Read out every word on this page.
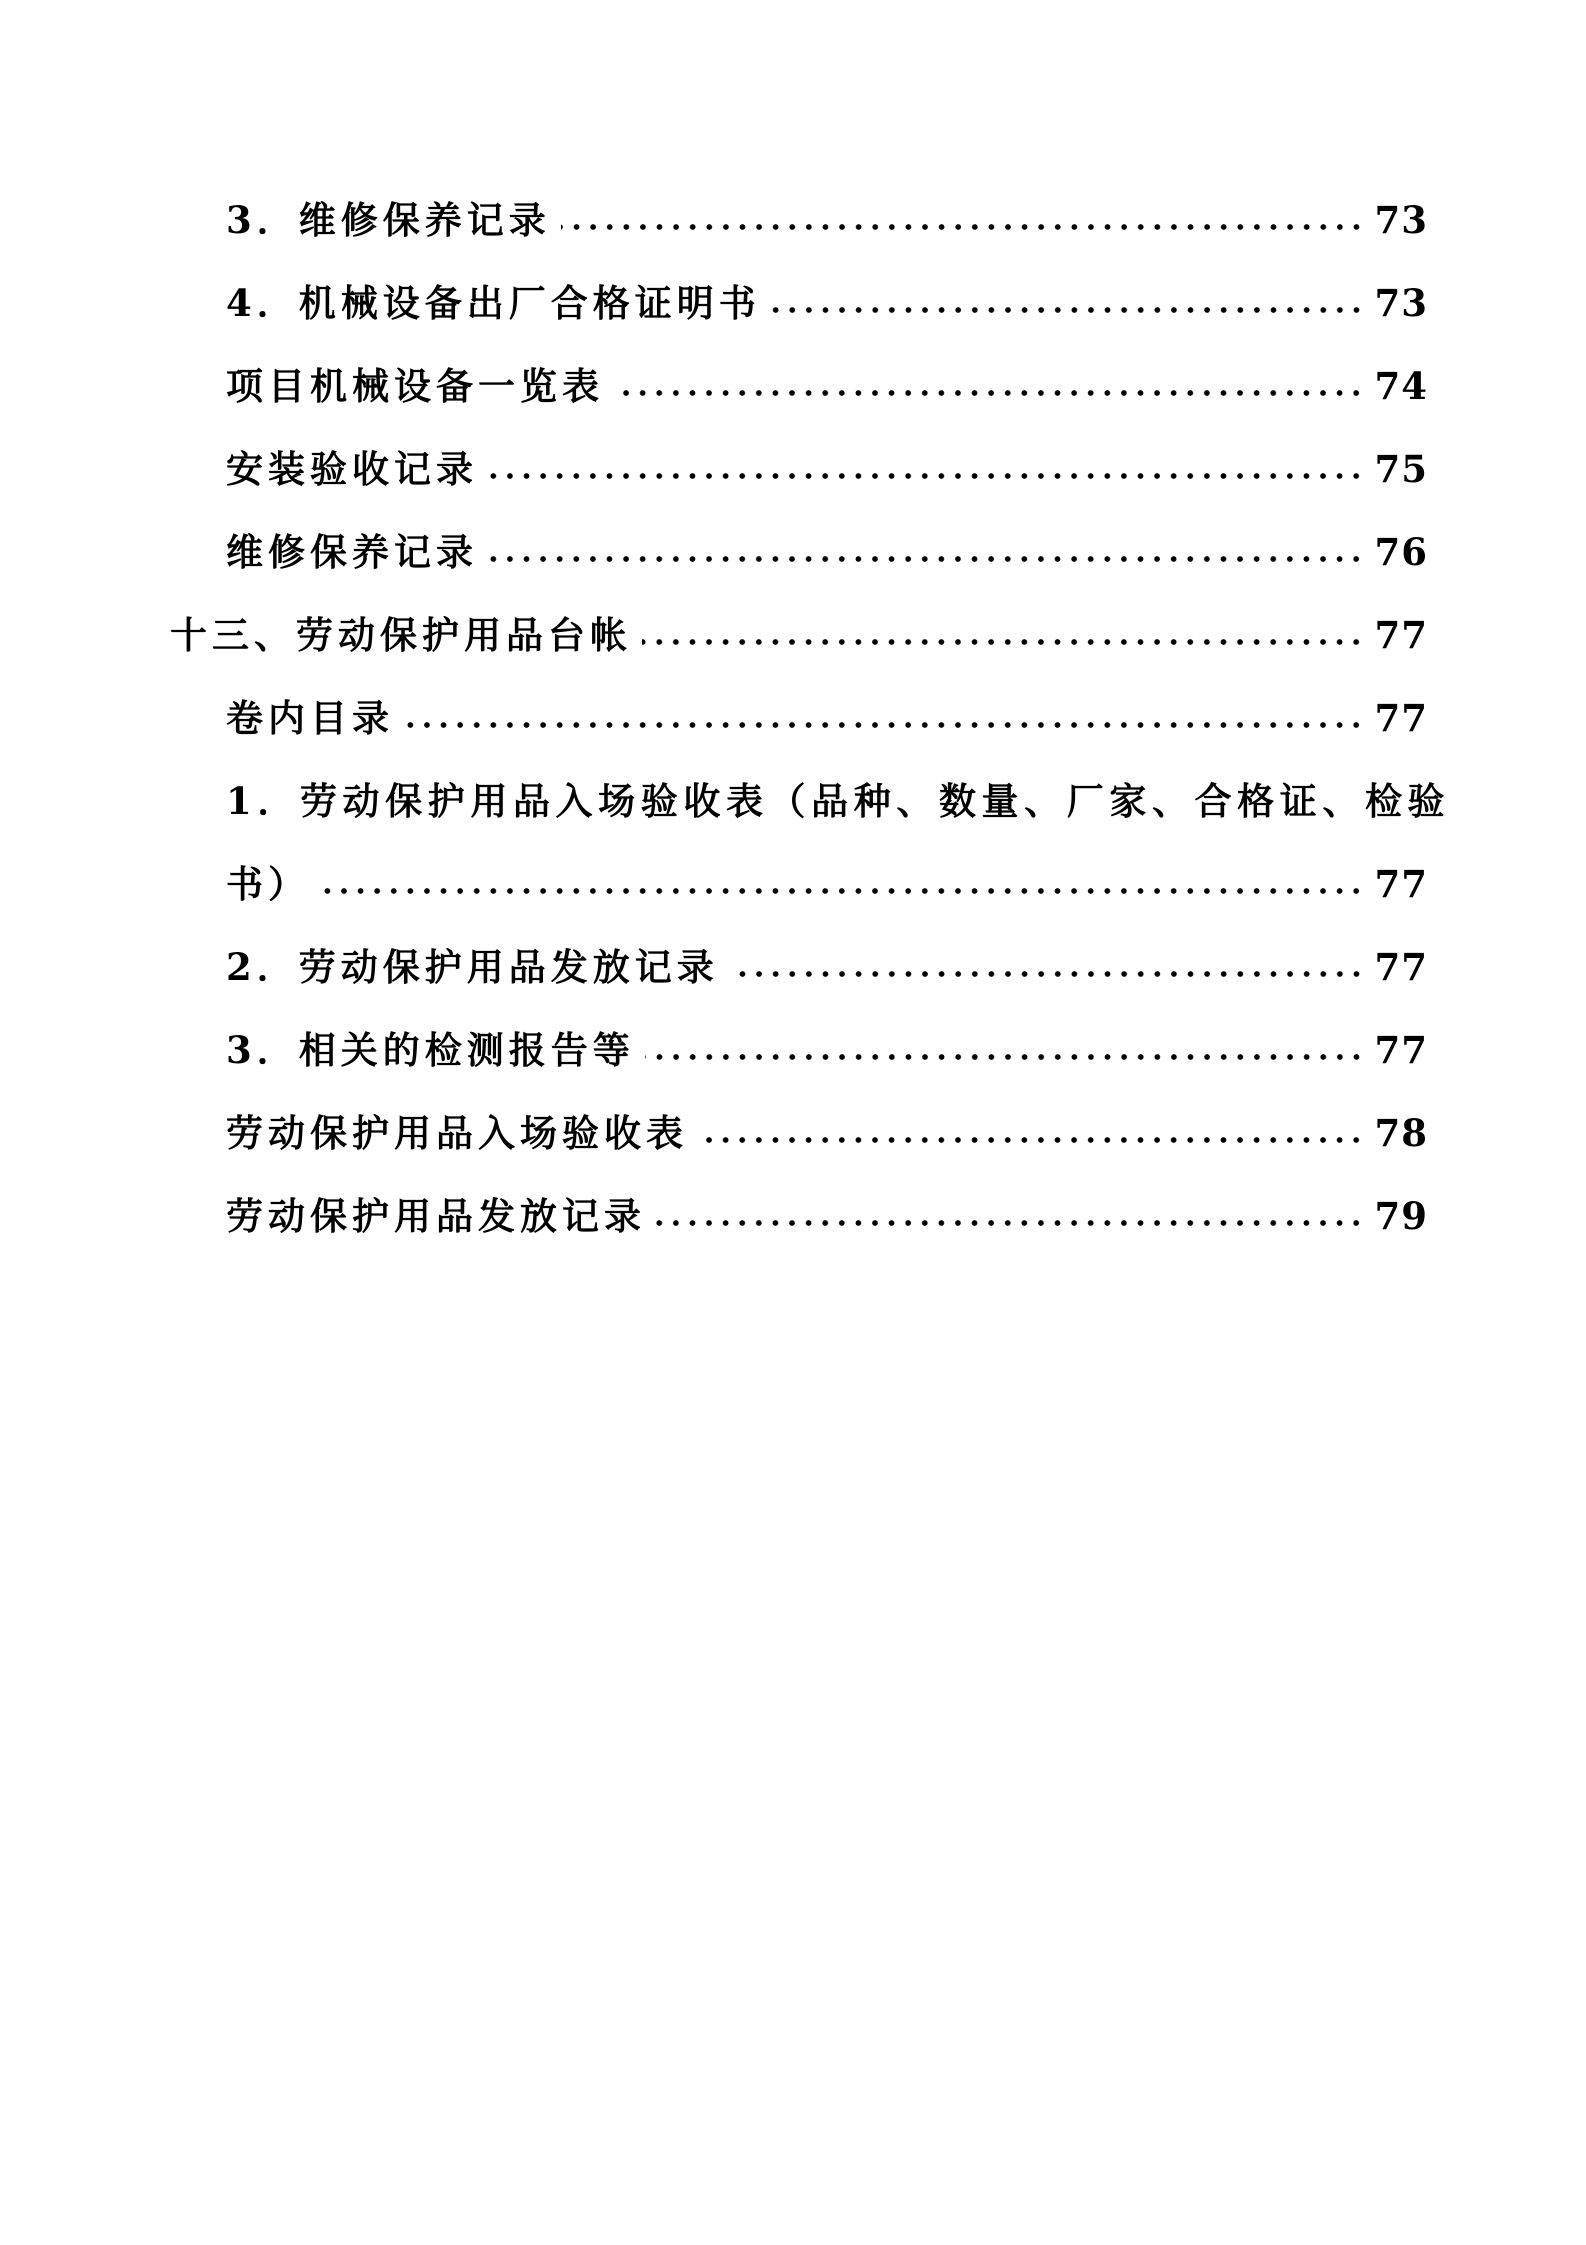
3．维修保养记录	73
4．机械设备出厂合格证明书	73
项目机械设备一览表	74
安装验收记录	75
维修保养记录	76
十三、劳动保护用品台帐	77
卷内目录	77
1．劳动保护用品入场验收表（品种、数量、厂家、合格证、检验
书）	77
2．劳动保护用品发放记录	77
3．相关的检测报告等	77
劳动保护用品入场验收表	78
劳动保护用品发放记录	79
